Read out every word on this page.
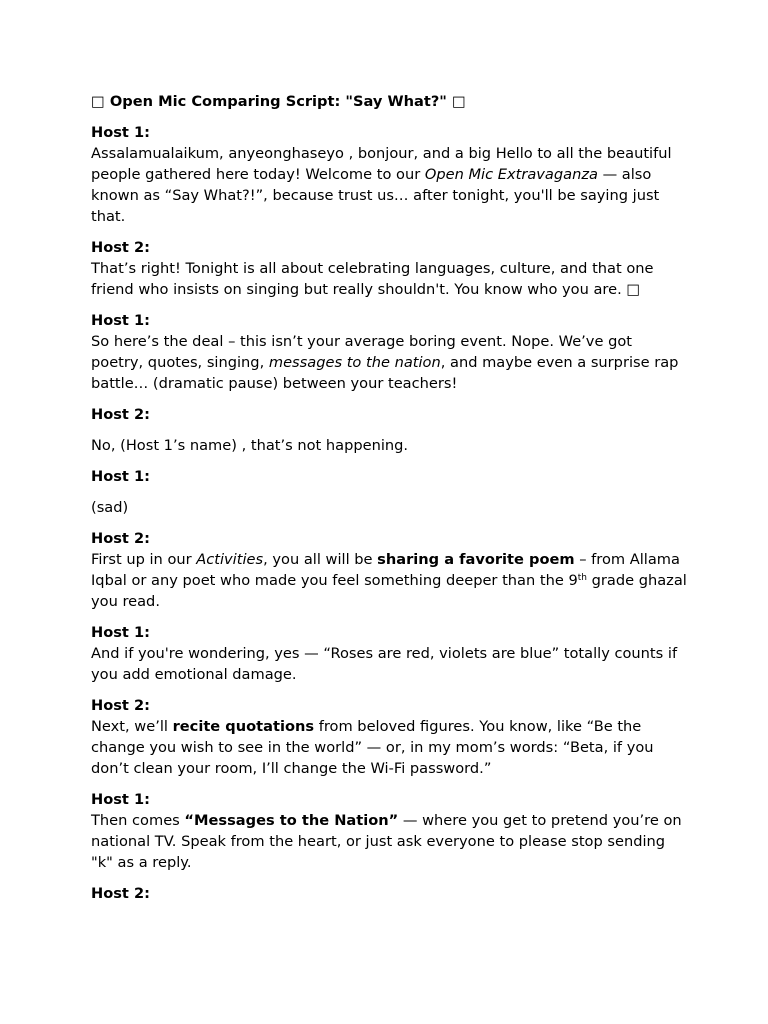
□ Open Mic Comparing Script: "Say What?" □
Host 1:
Assalamualaikum, anyeonghaseyo , bonjour, and a big Hello to all the beautiful people gathered here today! Welcome to our Open Mic Extravaganza — also known as “Say What?!”, because trust us… after tonight, you'll be saying just that.
Host 2:
That’s right! Tonight is all about celebrating languages, culture, and that one friend who insists on singing but really shouldn't. You know who you are. □
Host 1:
So here’s the deal – this isn’t your average boring event. Nope. We’ve got poetry, quotes, singing, messages to the nation, and maybe even a surprise rap battle… (dramatic pause) between your teachers!
Host 2:
No, (Host 1’s name) , that’s not happening.
Host 1:
(sad)
Host 2:
First up in our Activities, you all will be sharing a favorite poem – from Allama Iqbal or any poet who made you feel something deeper than the 9th grade ghazal you read.
Host 1:
And if you're wondering, yes — “Roses are red, violets are blue” totally counts if you add emotional damage.
Host 2:
Next, we’ll recite quotations from beloved figures. You know, like “Be the change you wish to see in the world” — or, in my mom’s words: “Beta, if you don’t clean your room, I’ll change the Wi-Fi password.”
Host 1:
Then comes “Messages to the Nation” — where you get to pretend you’re on national TV. Speak from the heart, or just ask everyone to please stop sending "k" as a reply.
Host 2:
